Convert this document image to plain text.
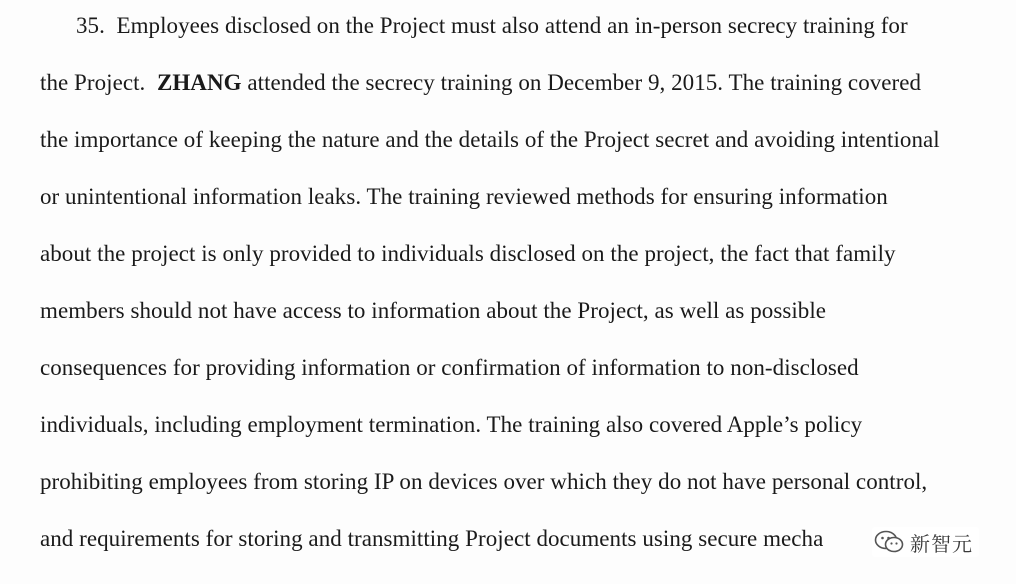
35. Employees disclosed on the Project must also attend an in-person secrecy training for
the Project. ZHANG attended the secrecy training on December 9, 2015. The training covered
the importance of keeping the nature and the details of the Project secret and avoiding intentional
or unintentional information leaks. The training reviewed methods for ensuring information
about the project is only provided to individuals disclosed on the project, the fact that family
members should not have access to information about the Project, as well as possible
consequences for providing information or confirmation of information to non-disclosed
individuals, including employment termination. The training also covered Apple’s policy
prohibiting employees from storing IP on devices over which they do not have personal control,
and requirements for storing and transmitting Project documents using secure mecha	新智元
